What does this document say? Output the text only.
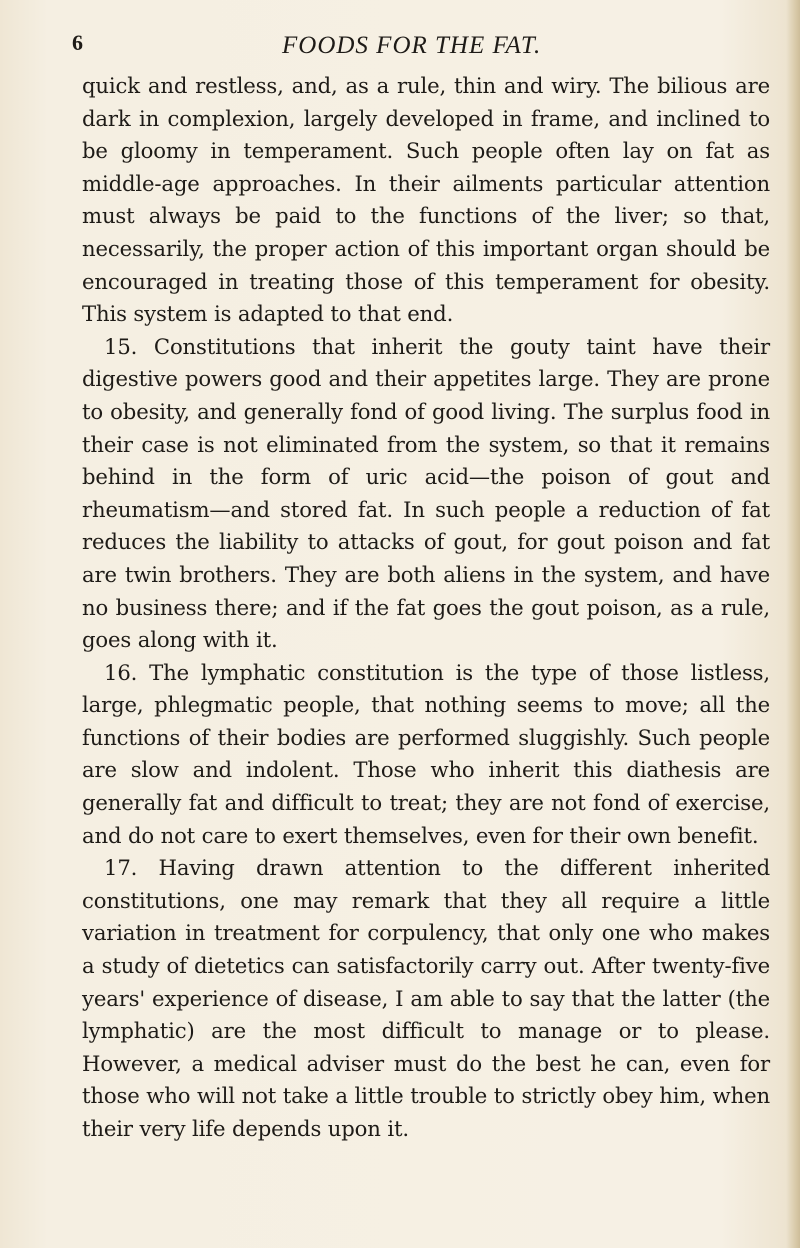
6	FOODS FOR THE FAT.

quick and restless, and, as a rule, thin and wiry. The bilious are dark in complexion, largely developed in frame, and inclined to be gloomy in temperament. Such people often lay on fat as middle-age approaches. In their ailments particular attention must always be paid to the functions of the liver; so that, necessarily, the proper action of this important organ should be encouraged in treating those of this temperament for obesity. This system is adapted to that end.

15. Constitutions that inherit the gouty taint have their digestive powers good and their appetites large. They are prone to obesity, and generally fond of good living. The surplus food in their case is not eliminated from the system, so that it remains behind in the form of uric acid—the poison of gout and rheumatism—and stored fat. In such people a reduction of fat reduces the liability to attacks of gout, for gout poison and fat are twin brothers. They are both aliens in the system, and have no business there; and if the fat goes the gout poison, as a rule, goes along with it.

16. The lymphatic constitution is the type of those listless, large, phlegmatic people, that nothing seems to move; all the functions of their bodies are performed sluggishly. Such people are slow and indolent. Those who inherit this diathesis are generally fat and difficult to treat; they are not fond of exercise, and do not care to exert themselves, even for their own benefit.

17. Having drawn attention to the different inherited constitutions, one may remark that they all require a little variation in treatment for corpulency, that only one who makes a study of dietetics can satisfactorily carry out. After twenty-five years' experience of disease, I am able to say that the latter (the lymphatic) are the most difficult to manage or to please. However, a medical adviser must do the best he can, even for those who will not take a little trouble to strictly obey him, when their very life depends upon it.
